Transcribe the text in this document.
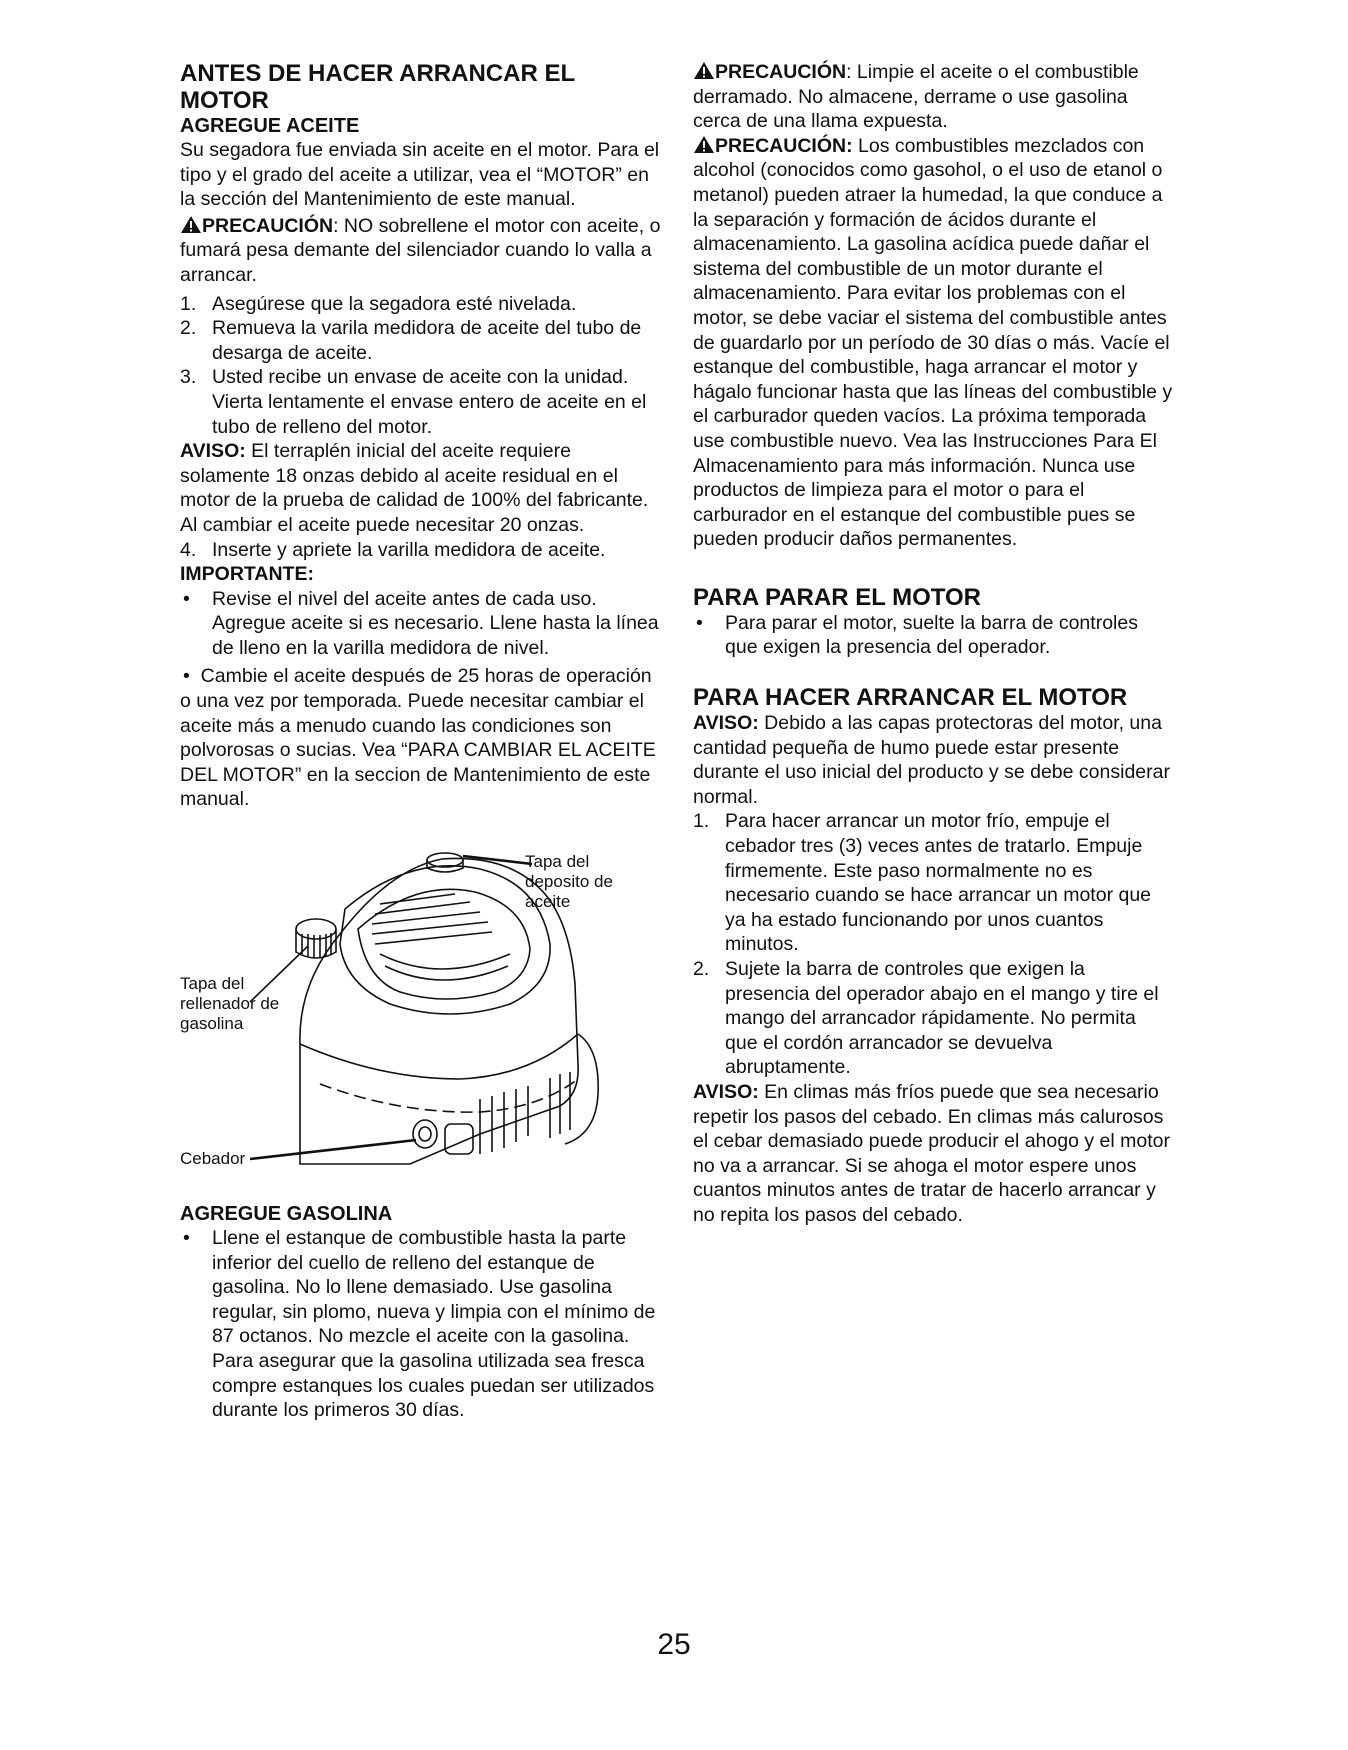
ANTES DE HACER ARRANCAR EL MOTOR
AGREGUE ACEITE

Su segadora fue enviada sin aceite en el motor. Para el tipo y el grado del aceite a utilizar, vea el “MOTOR” en la sección del Mantenimiento de este manual.

PRECAUCIÓN: NO sobrellene el motor con aceite, o fumará pesa demante del silenciador cuando lo valla a arrancar.

1. Asegúrese que la segadora esté nivelada.
2. Remueva la varila medidora de aceite del tubo de desarga de aceite.
3. Usted recibe un envase de aceite con la unidad. Vierta lentamente el envase entero de aceite en el tubo de relleno del motor.

AVISO: El terraplén inicial del aceite requiere solamente 18 onzas debido al aceite residual en el motor de la prueba de calidad de 100% del fabricante. Al cambiar el aceite puede necesitar 20 onzas.

4. Inserte y apriete la varilla medidora de aceite.

IMPORTANTE:

• Revise el nivel del aceite antes de cada uso. Agregue aceite si es necesario. Llene hasta la línea de lleno en la varilla medidora de nivel.
• Cambie el aceite después de 25 horas de operación o una vez por temporada. Puede necesitar cambiar el aceite más a menudo cuando las condiciones son polvorosas o sucias. Vea “PARA CAMBIAR EL ACEITE DEL MOTOR” en la seccion de Mantenimiento de este manual.
Tapa del deposito de aceite
Tapa del rellenador de gasolina
Cebador
AGREGUE GASOLINA
• Llene el estanque de combustible hasta la parte inferior del cuello de relleno del estanque de gasolina. No lo llene demasiado. Use gasolina regular, sin plomo, nueva y limpia con el mínimo de 87 octanos. No mezcle el aceite con la gasolina. Para asegurar que la gasolina utilizada sea fresca compre estanques los cuales puedan ser utilizados durante los primeros 30 días.

PRECAUCIÓN: Limpie el aceite o el combustible derramado. No almacene, derrame o use gasolina cerca de una llama expuesta.

PRECAUCIÓN: Los combustibles mezclados con alcohol (conocidos como gasohol, o el uso de etanol o metanol) pueden atraer la humedad, la que conduce a la separación y formación de ácidos durante el almacenamiento. La gasolina acídica puede dañar el sistema del combustible de un motor durante el almacenamiento. Para evitar los problemas con el motor, se debe vaciar el sistema del combustible antes de guardarlo por un período de 30 días o más. Vacíe el estanque del combustible, haga arrancar el motor y hágalo funcionar hasta que las líneas del combustible y el carburador queden vacíos. La próxima temporada use combustible nuevo. Vea las Instrucciones Para El Almacenamiento para más información. Nunca use productos de limpieza para el motor o para el carburador en el estanque del combustible pues se pueden producir daños permanentes.

PARA PARAR EL MOTOR
• Para parar el motor, suelte la barra de controles que exigen la presencia del operador.
PARA HACER ARRANCAR EL MOTOR

AVISO: Debido a las capas protectoras del motor, una cantidad pequeña de humo puede estar presente durante el uso inicial del producto y se debe considerar normal.

1. Para hacer arrancar un motor frío, empuje el cebador tres (3) veces antes de tratarlo. Empuje firmemente. Este paso normalmente no es necesario cuando se hace arrancar un motor que ya ha estado funcionando por unos cuantos minutos.
2. Sujete la barra de controles que exigen la presencia del operador abajo en el mango y tire el mango del arrancador rápidamente. No permita que el cordón arrancador se devuelva abruptamente.

AVISO: En climas más fríos puede que sea necesario repetir los pasos del cebado. En climas más calurosos el cebar demasiado puede producir el ahogo y el motor no va a arrancar. Si se ahoga el motor espere unos cuantos minutos antes de tratar de hacerlo arrancar y no repita los pasos del cebado.

25
